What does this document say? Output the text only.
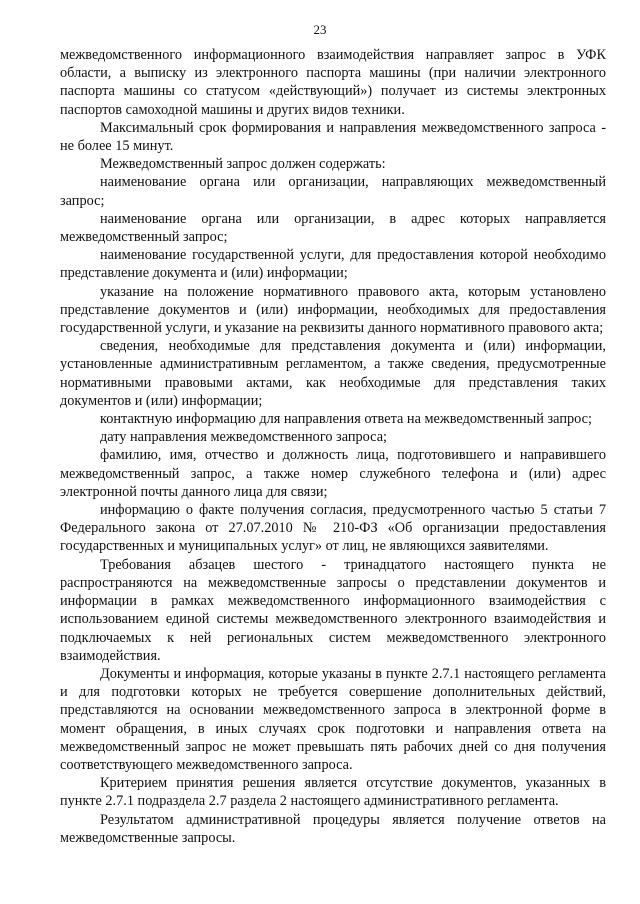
23

межведомственного информационного взаимодействия направляет запрос в УФК области, а выписку из электронного паспорта машины (при наличии электронного паспорта машины со статусом «действующий») получает из системы электронных паспортов самоходной машины и других видов техники.

Максимальный срок формирования и направления межведомственного запроса - не более 15 минут.

Межведомственный запрос должен содержать:

наименование органа или организации, направляющих межведомственный запрос;

наименование органа или организации, в адрес которых направляется межведомственный запрос;

наименование государственной услуги, для предоставления которой необходимо представление документа и (или) информации;

указание на положение нормативного правового акта, которым установлено представление документов и (или) информации, необходимых для предоставления государственной услуги, и указание на реквизиты данного нормативного правового акта;

сведения, необходимые для представления документа и (или) информации, установленные административным регламентом, а также сведения, предусмотренные нормативными правовыми актами, как необходимые для представления таких документов и (или) информации;

контактную информацию для направления ответа на межведомственный запрос;

дату направления межведомственного запроса;

фамилию, имя, отчество и должность лица, подготовившего и направившего межведомственный запрос, а также номер служебного телефона и (или) адрес электронной почты данного лица для связи;

информацию о факте получения согласия, предусмотренного частью 5 статьи 7 Федерального закона от 27.07.2010 № 210-ФЗ «Об организации предоставления государственных и муниципальных услуг» от лиц, не являющихся заявителями.

Требования абзацев шестого - тринадцатого настоящего пункта не распространяются на межведомственные запросы о представлении документов и информации в рамках межведомственного информационного взаимодействия с использованием единой системы межведомственного электронного взаимодействия и подключаемых к ней региональных систем межведомственного электронного взаимодействия.

Документы и информация, которые указаны в пункте 2.7.1 настоящего регламента и для подготовки которых не требуется совершение дополнительных действий, представляются на основании межведомственного запроса в электронной форме в момент обращения, в иных случаях срок подготовки и направления ответа на межведомственный запрос не может превышать пять рабочих дней со дня получения соответствующего межведомственного запроса.

Критерием принятия решения является отсутствие документов, указанных в пункте 2.7.1 подраздела 2.7 раздела 2 настоящего административного регламента.

Результатом административной процедуры является получение ответов на межведомственные запросы.
